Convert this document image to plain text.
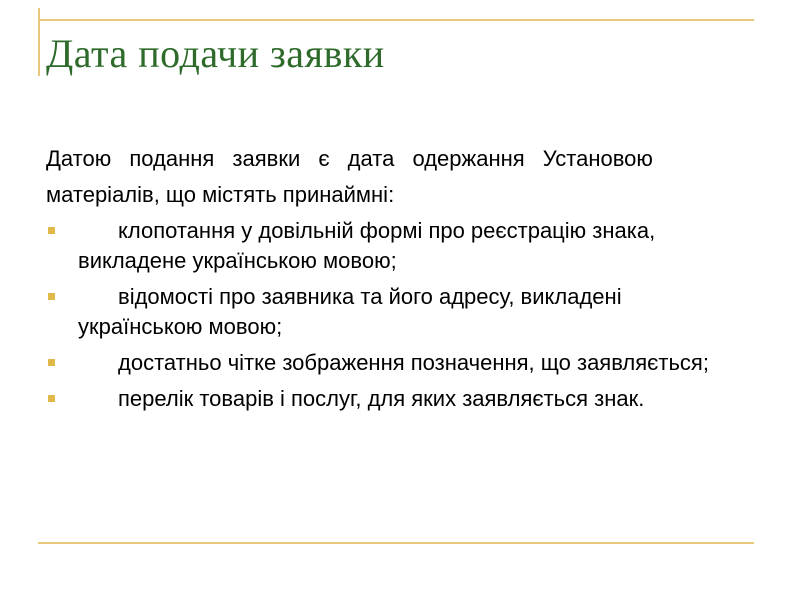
Дата подачи заявки

Датою подання заявки є дата одержання Установою

матеріалів, що містять принаймні:

клопотання у довільній формі про реєстрацію знака, викладене українською мовою;
відомості про заявника та його адресу, викладені українською мовою;
достатньо чітке зображення позначення, що заявляється;
перелік товарів і послуг, для яких заявляється знак.
